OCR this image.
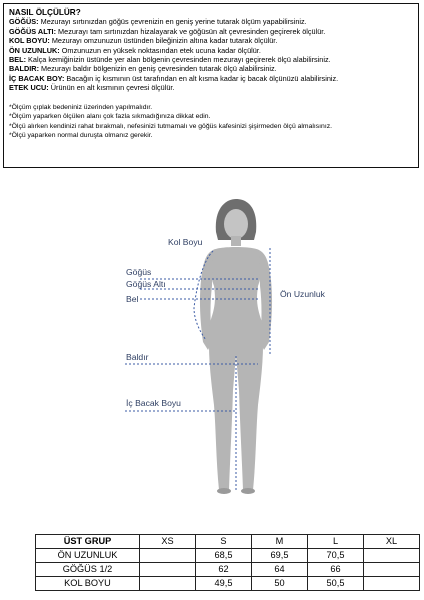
NASIL ÖLÇÜLÜR?
GÖĞÜS: Mezurayı sırtınızdan göğüs çevrenizin en geniş yerine tutarak ölçüm yapabilirsiniz.
GÖĞÜS ALTI: Mezurayı tam sırtınızdan hizalayarak ve göğüsün alt çevresinden geçirerek ölçülür.
KOL BOYU: Mezurayı omzunuzun üstünden bileğinizin altına kadar tutarak ölçülür.
ÖN UZUNLUK: Omzunuzun en yüksek noktasından etek ucuna kadar ölçülür.
BEL: Kalça kemiğinizin üstünde yer alan bölgenin çevresinden mezurayı geçirerek ölçü alabilirsiniz.
BALDIR: Mezurayı baldır bölgenizin en geniş çevresinden tutarak ölçü alabilirsiniz.
İÇ BACAK BOY: Bacağın iç kısmının üst tarafından en alt kısma kadar iç bacak ölçünüzü alabilirsiniz.
ETEK UCU: Ürünün en alt kısmının çevresi ölçülür.
*Ölçüm çıplak bedeniniz üzerinden yapılmalıdır.
*Ölçüm yaparken ölçülen alanı çok fazla sıkmadığınıza dikkat edin.
*Ölçü alırken kendinizi rahat bırakmalı, nefesinizi tutmamalı ve göğüs kafesinizi şişirmeden ölçü almalısınız.
*Ölçü yaparken normal duruşta olmanız gerekir.
Kol Boyu
Göğüs
Göğüs Altı
Bel	Ön Uzunluk
Baldır
İç Bacak Boyu
ÜST GRUP	XS	S	M	L	XL
ÖN UZUNLUK		68,5	69,5	70,5	
GÖĞÜS 1/2		62	64	66	
KOL BOYU		49,5	50	50,5	
